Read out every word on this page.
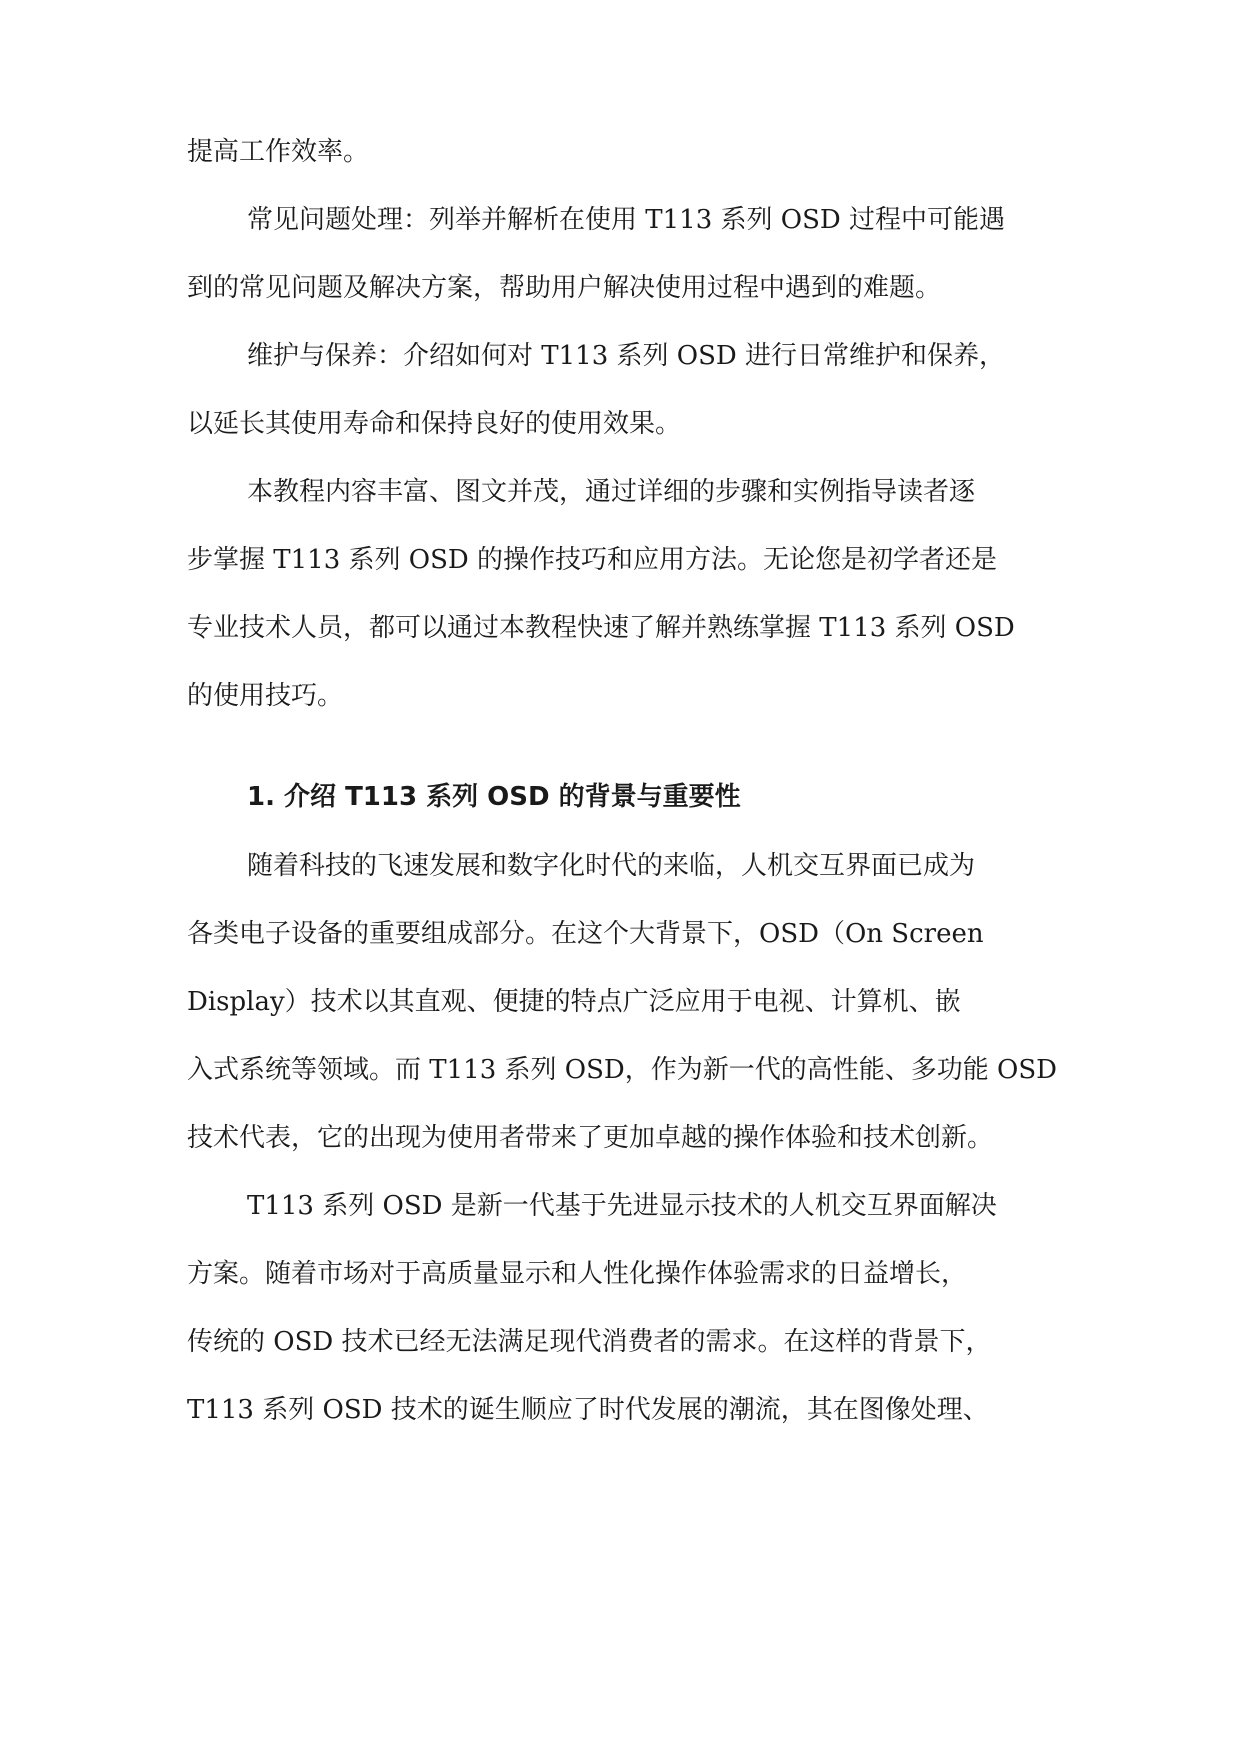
提高工作效率。

常见问题处理：列举并解析在使用 T113 系列 OSD 过程中可能遇

到的常见问题及解决方案，帮助用户解决使用过程中遇到的难题。

维护与保养：介绍如何对 T113 系列 OSD 进行日常维护和保养，

以延长其使用寿命和保持良好的使用效果。

本教程内容丰富、图文并茂，通过详细的步骤和实例指导读者逐

步掌握 T113 系列 OSD 的操作技巧和应用方法。无论您是初学者还是

专业技术人员，都可以通过本教程快速了解并熟练掌握 T113 系列 OSD

的使用技巧。

1. 介绍 T113 系列 OSD 的背景与重要性

随着科技的飞速发展和数字化时代的来临，人机交互界面已成为

各类电子设备的重要组成部分。在这个大背景下，OSD（On Screen

Display）技术以其直观、便捷的特点广泛应用于电视、计算机、嵌

入式系统等领域。而 T113 系列 OSD，作为新一代的高性能、多功能 OSD

技术代表，它的出现为使用者带来了更加卓越的操作体验和技术创新。

T113 系列 OSD 是新一代基于先进显示技术的人机交互界面解决

方案。随着市场对于高质量显示和人性化操作体验需求的日益增长，

传统的 OSD 技术已经无法满足现代消费者的需求。在这样的背景下，

T113 系列 OSD 技术的诞生顺应了时代发展的潮流，其在图像处理、
